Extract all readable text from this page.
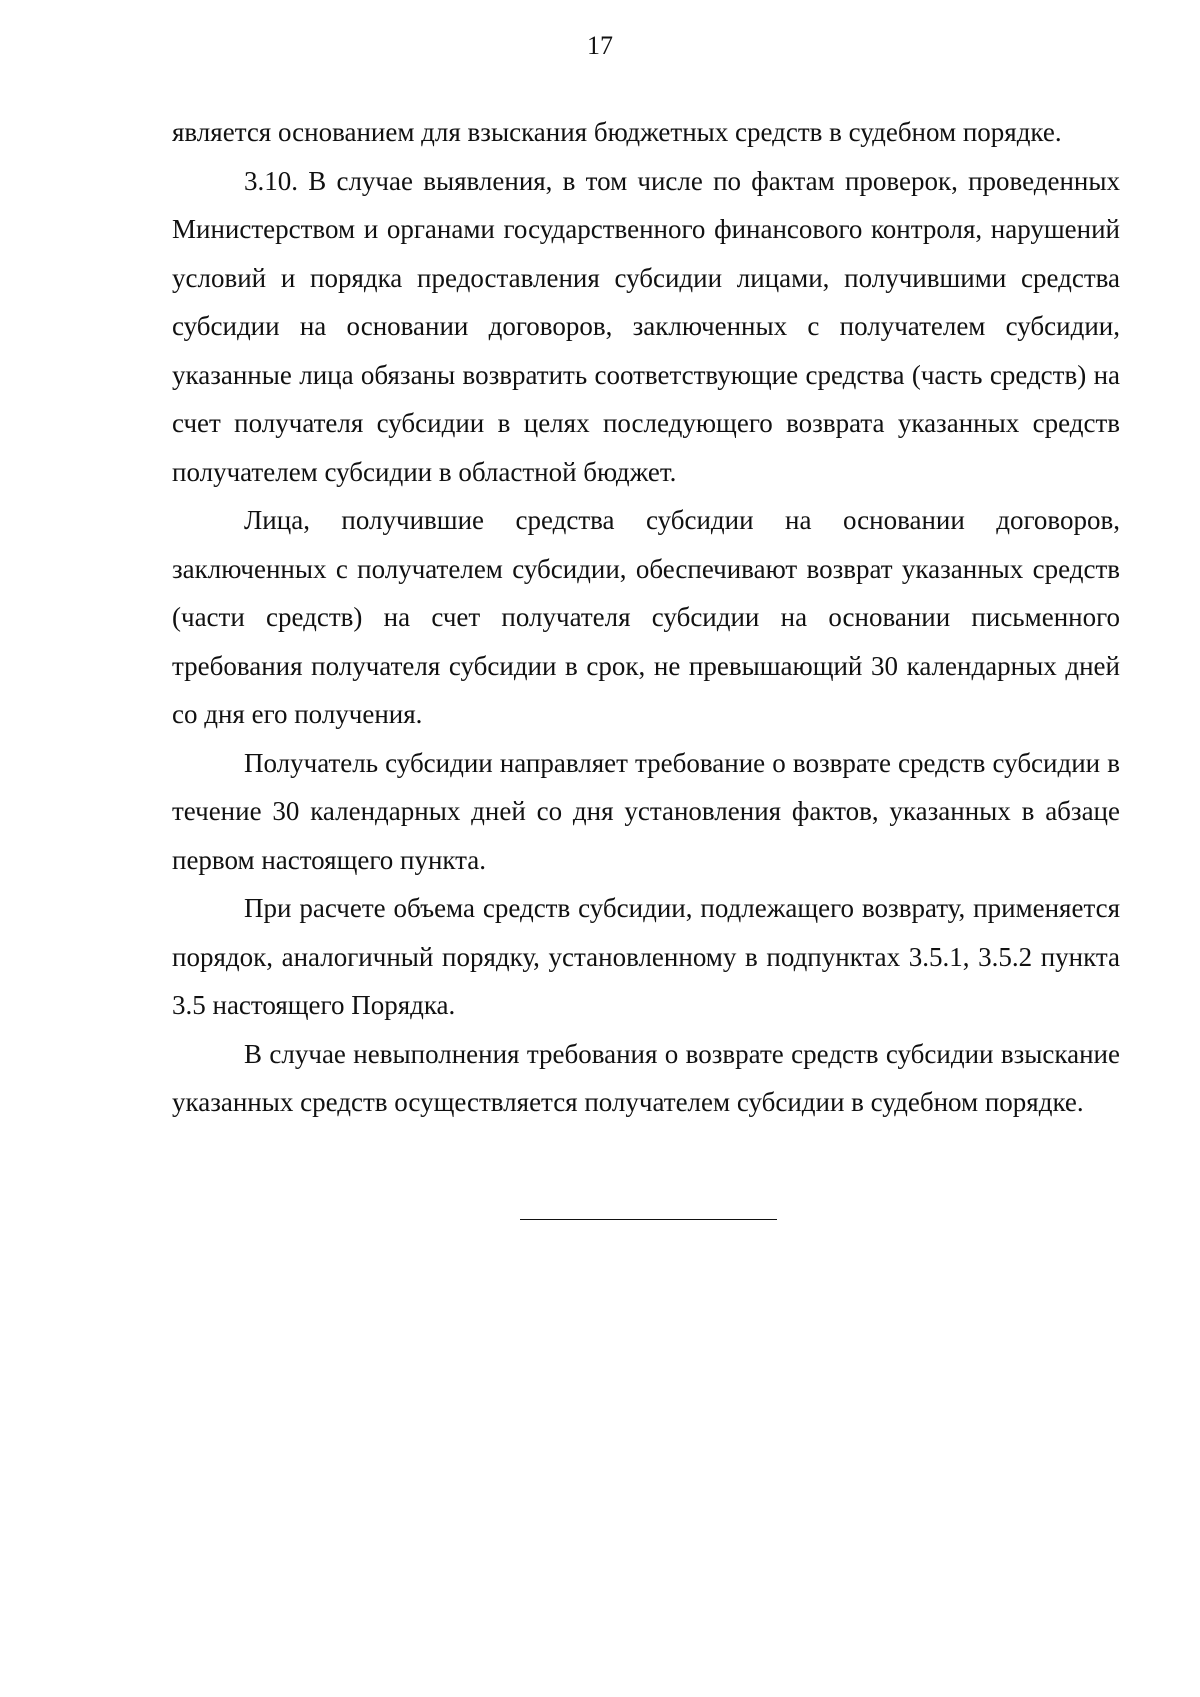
17

является основанием для взыскания бюджетных средств в судебном порядке.

3.10. В случае выявления, в том числе по фактам проверок, проведенных Министерством и органами государственного финансового контроля, нарушений условий и порядка предоставления субсидии лицами, получившими средства субсидии на основании договоров, заключенных с получателем субсидии, указанные лица обязаны возвратить соответствующие средства (часть средств) на счет получателя субсидии в целях последующего возврата указанных средств получателем субсидии в областной бюджет.

Лица, получившие средства субсидии на основании договоров, заключенных с получателем субсидии, обеспечивают возврат указанных средств (части средств) на счет получателя субсидии на основании письменного требования получателя субсидии в срок, не превышающий 30 календарных дней со дня его получения.

Получатель субсидии направляет требование о возврате средств субсидии в течение 30 календарных дней со дня установления фактов, указанных в абзаце первом настоящего пункта.

При расчете объема средств субсидии, подлежащего возврату, применяется порядок, аналогичный порядку, установленному в подпунктах 3.5.1, 3.5.2 пункта 3.5 настоящего Порядка.

В случае невыполнения требования о возврате средств субсидии взыскание указанных средств осуществляется получателем субсидии в судебном порядке.
